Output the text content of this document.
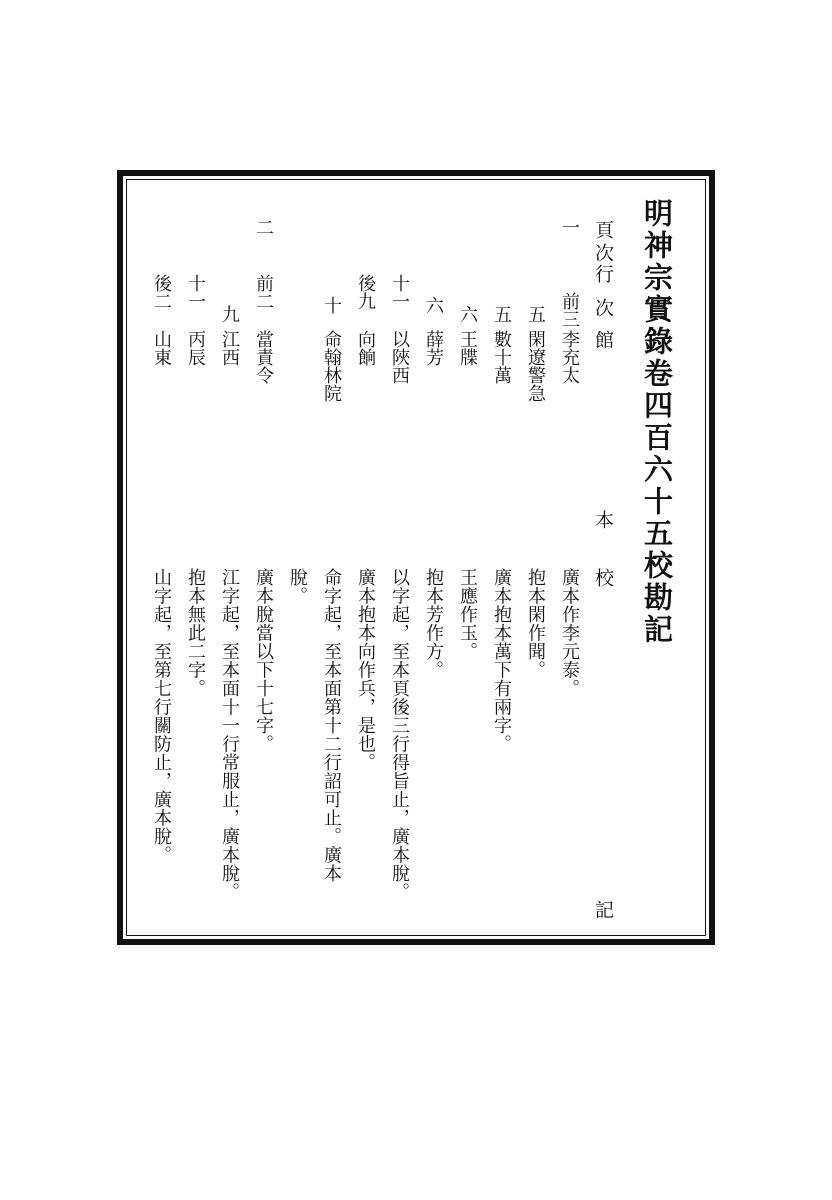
明神宗實錄卷四百六十五校勘記
頁次
行次
館
本
校
記
一
前三
李充太
廣本作李元泰。
五
閑遼警急
抱本閑作聞。
五
數十萬
廣本抱本萬下有兩字。
六
王牒
王應作玉。
六
薛芳
抱本芳作方。
十一
以陜西
以字起，至本頁後三行得旨止，廣本脫。
後九
向餉
廣本抱本向作兵，是也。
十
命翰林院
命字起，至本面第十二行詔可止。廣本
脫。
二
前二
當責令
廣本脫當以下十七字。
九
江西
江字起，至本面十一行常服止，廣本脫。
十一
丙辰
抱本無此二字。
後二
山東
山字起，至第七行關防止，廣本脫。
